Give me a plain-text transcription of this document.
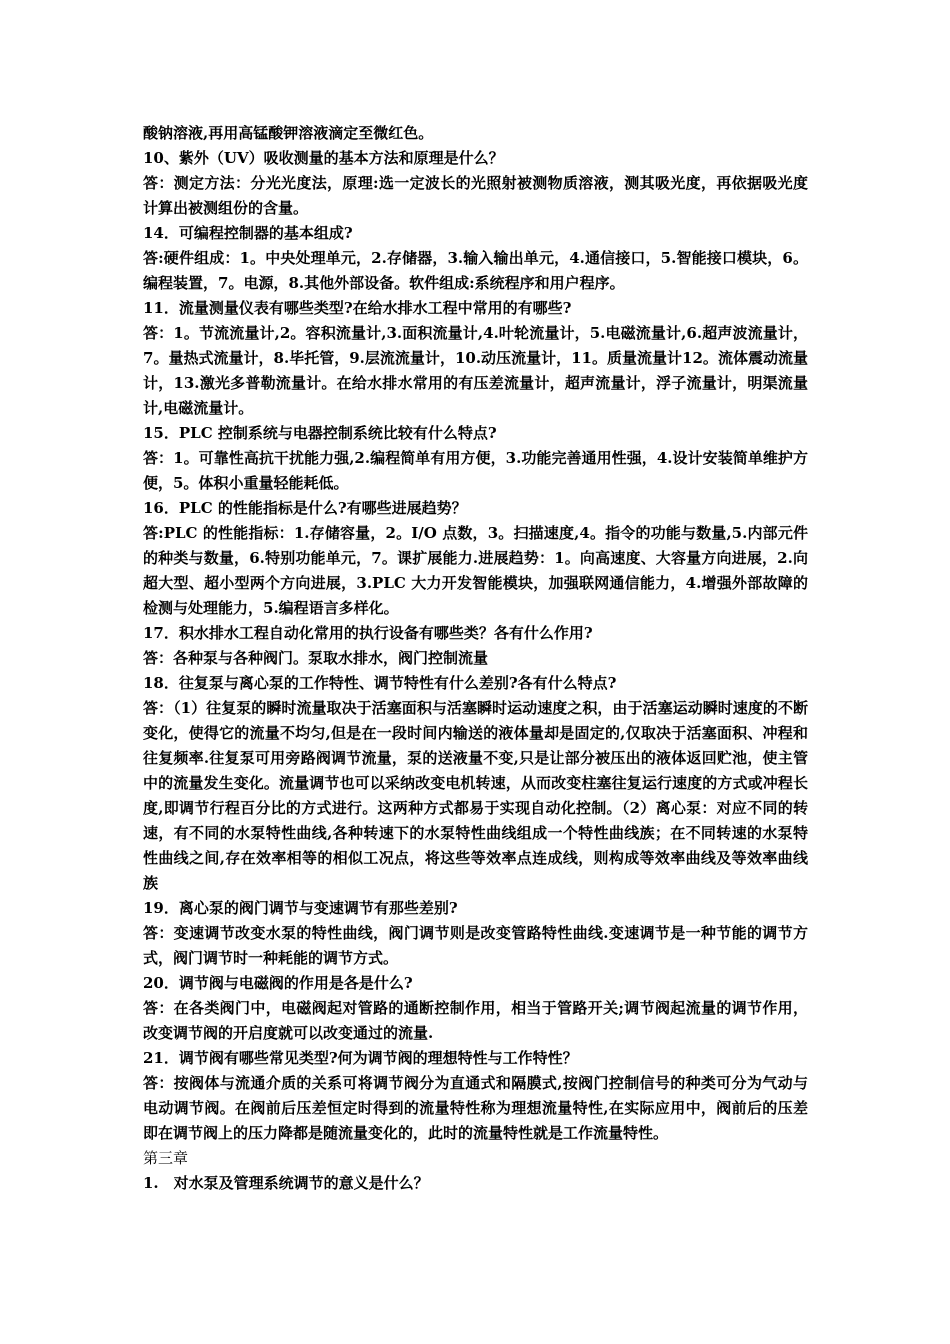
酸钠溶液,再用高锰酸钾溶液滴定至微红色。

10、紫外（UV）吸收测量的基本方法和原理是什么？

答：测定方法：分光光度法，原理:选一定波长的光照射被测物质溶液，测其吸光度，再依据吸光度计算出被测组份的含量。

14．可编程控制器的基本组成?

答:硬件组成：1。中央处理单元，2.存储器，3.输入输出单元，4.通信接口，5.智能接口模块，6。编程装置，7。电源，8.其他外部设备。软件组成:系统程序和用户程序。

11．流量测量仪表有哪些类型?在给水排水工程中常用的有哪些?

答：1。节流流量计,2。容积流量计,3.面积流量计,4.叶轮流量计，5.电磁流量计,6.超声波流量计，7。量热式流量计，8.毕托管，9.层流流量计，10.动压流量计，11。质量流量计12。流体震动流量计，13.激光多普勒流量计。在给水排水常用的有压差流量计，超声流量计，浮子流量计，明渠流量计,电磁流量计。

15．PLC 控制系统与电器控制系统比较有什么特点?

答：1。可靠性高抗干扰能力强,2.编程简单有用方便，3.功能完善通用性强，4.设计安装简单维护方便，5。体积小重量轻能耗低。

16．PLC 的性能指标是什么?有哪些进展趋势？

答:PLC 的性能指标：1.存储容量，2。I/O 点数，3。扫描速度,4。指令的功能与数量,5.内部元件的种类与数量，6.特别功能单元，7。课扩展能力.进展趋势：1。向高速度、大容量方向进展，2.向超大型、超小型两个方向进展，3.PLC 大力开发智能模块，加强联网通信能力，4.增强外部故障的检测与处理能力，5.编程语言多样化。

17．积水排水工程自动化常用的执行设备有哪些类？各有什么作用?

答：各种泵与各种阀门。泵取水排水，阀门控制流量

18．往复泵与离心泵的工作特性、调节特性有什么差别?各有什么特点?

答：（1）往复泵的瞬时流量取决于活塞面积与活塞瞬时运动速度之积，由于活塞运动瞬时速度的不断变化，使得它的流量不均匀,但是在一段时间内输送的液体量却是固定的,仅取决于活塞面积、冲程和往复频率.往复泵可用旁路阀调节流量，泵的送液量不变,只是让部分被压出的液体返回贮池，使主管中的流量发生变化。流量调节也可以采纳改变电机转速，从而改变柱塞往复运行速度的方式或冲程长度,即调节行程百分比的方式进行。这两种方式都易于实现自动化控制。（2）离心泵：对应不同的转速，有不同的水泵特性曲线,各种转速下的水泵特性曲线组成一个特性曲线族；在不同转速的水泵特性曲线之间,存在效率相等的相似工况点，将这些等效率点连成线，则构成等效率曲线及等效率曲线族

19．离心泵的阀门调节与变速调节有那些差别?

答：变速调节改变水泵的特性曲线，阀门调节则是改变管路特性曲线.变速调节是一种节能的调节方式，阀门调节时一种耗能的调节方式。

20．调节阀与电磁阀的作用是各是什么?

答：在各类阀门中，电磁阀起对管路的通断控制作用，相当于管路开关;调节阀起流量的调节作用，改变调节阀的开启度就可以改变通过的流量.

21．调节阀有哪些常见类型?何为调节阀的理想特性与工作特性？

答：按阀体与流通介质的关系可将调节阀分为直通式和隔膜式,按阀门控制信号的种类可分为气动与电动调节阀。在阀前后压差恒定时得到的流量特性称为理想流量特性,在实际应用中，阀前后的压差即在调节阀上的压力降都是随流量变化的，此时的流量特性就是工作流量特性。

第三章

1.　对水泵及管理系统调节的意义是什么？
